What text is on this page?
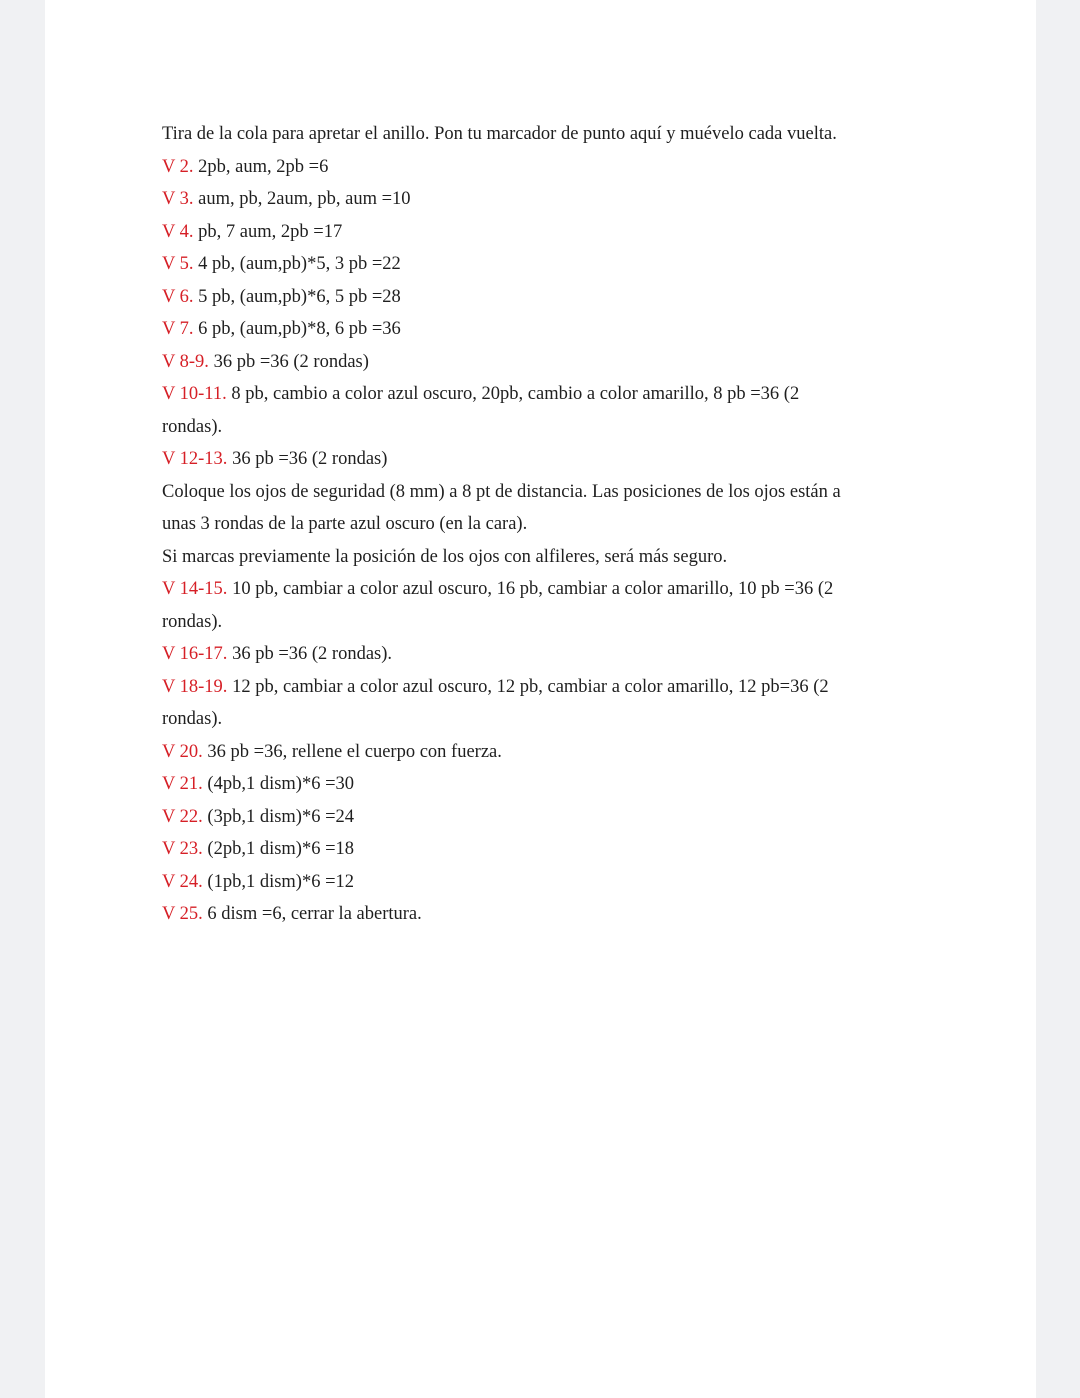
Tira de la cola para apretar el anillo. Pon tu marcador de punto aquí y muévelo cada vuelta.

V 2. 2pb, aum, 2pb =6

V 3. aum, pb, 2aum, pb, aum =10

V 4. pb, 7 aum, 2pb =17

V 5. 4 pb, (aum,pb)*5, 3 pb =22

V 6. 5 pb, (aum,pb)*6, 5 pb =28

V 7. 6 pb, (aum,pb)*8, 6 pb =36

V 8-9. 36 pb =36 (2 rondas)

V 10-11. 8 pb, cambio a color azul oscuro, 20pb, cambio a color amarillo, 8 pb =36 (2

rondas).

V 12-13. 36 pb =36 (2 rondas)

Coloque los ojos de seguridad (8 mm) a 8 pt de distancia. Las posiciones de los ojos están a

unas 3 rondas de la parte azul oscuro (en la cara).

Si marcas previamente la posición de los ojos con alfileres, será más seguro.

V 14-15. 10 pb, cambiar a color azul oscuro, 16 pb, cambiar a color amarillo, 10 pb =36 (2

rondas).

V 16-17. 36 pb =36 (2 rondas).

V 18-19. 12 pb, cambiar a color azul oscuro, 12 pb, cambiar a color amarillo, 12 pb=36 (2

rondas).

V 20. 36 pb =36, rellene el cuerpo con fuerza.

V 21. (4pb,1 dism)*6 =30

V 22. (3pb,1 dism)*6 =24

V 23. (2pb,1 dism)*6 =18

V 24. (1pb,1 dism)*6 =12

V 25. 6 dism =6, cerrar la abertura.
